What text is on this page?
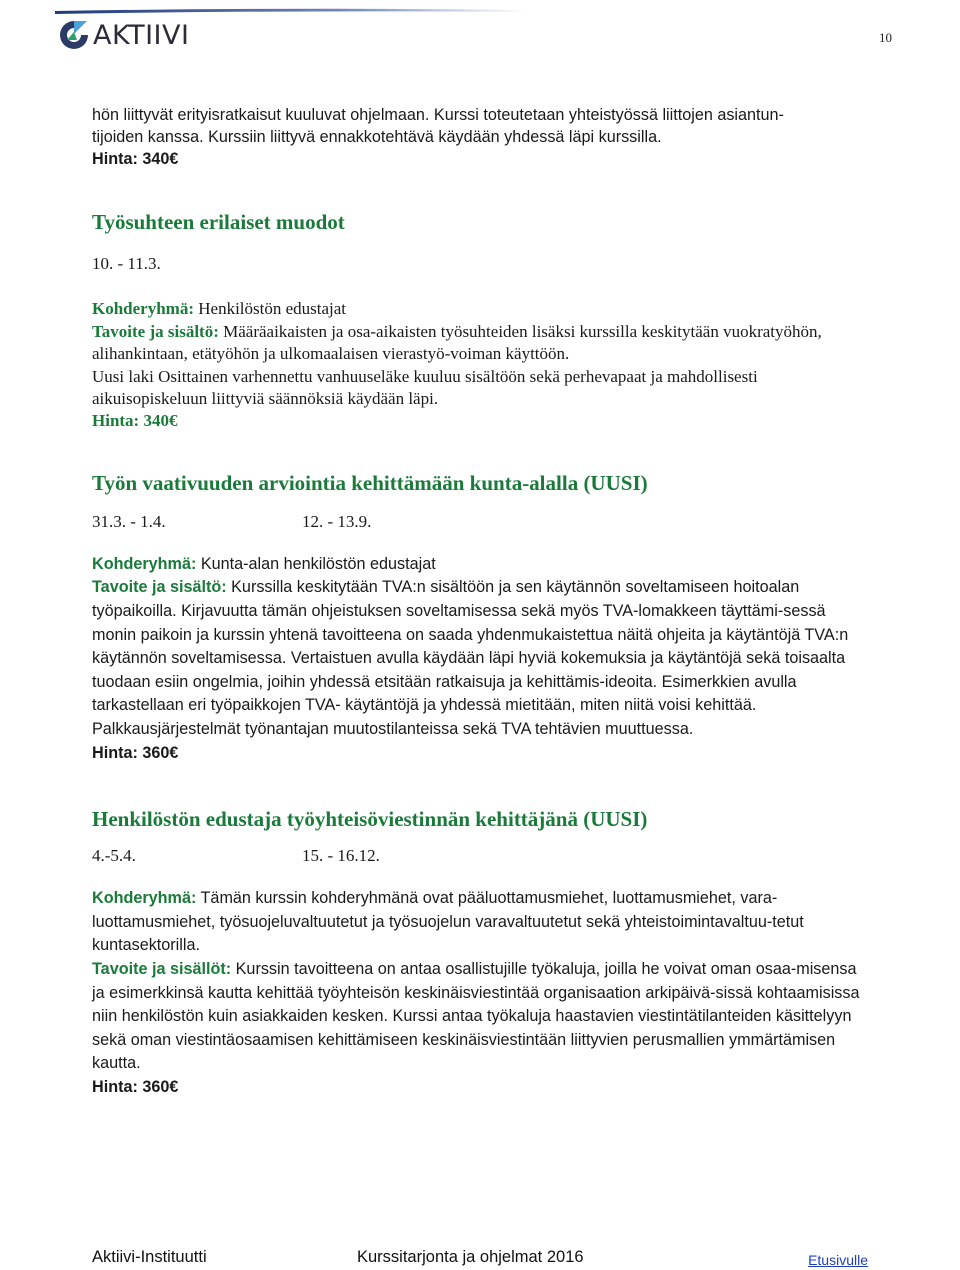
AKTIIVI	10

hön liittyvät erityisratkaisut kuuluvat ohjelmaan. Kurssi toteutetaan yhteistyössä liittojen asiantun-

tijoiden kanssa. Kurssiin liittyvä ennakkotehtävä käydään yhdessä läpi kurssilla.

Hinta: 340€

Työsuhteen erilaiset muodot

10. - 11.3.

Kohderyhmä: Henkilöstön edustajat

Tavoite ja sisältö: Määräaikaisten ja osa-aikaisten työsuhteiden lisäksi kurssilla keskitytään vuokratyöhön, alihankintaan, etätyöhön ja ulkomaalaisen vierastyö-voiman käyttöön.

Uusi laki Osittainen varhennettu vanhuuseläke kuuluu sisältöön sekä perhevapaat ja mahdollisesti aikuisopiskeluun liittyviä säännöksiä käydään läpi.

Hinta: 340€

Työn vaativuuden arviointia kehittämään kunta-alalla (UUSI)
31.3. - 1.4.	12. - 13.9.

Kohderyhmä: Kunta-alan henkilöstön edustajat

Tavoite ja sisältö: Kurssilla keskitytään TVA:n sisältöön ja sen käytännön soveltamiseen hoitoalan työpaikoilla. Kirjavuutta tämän ohjeistuksen soveltamisessa sekä myös TVA-lomakkeen täyttämi-sessä monin paikoin ja kurssin yhtenä tavoitteena on saada yhdenmukaistettua näitä ohjeita ja käytäntöjä TVA:n käytännön soveltamisessa. Vertaistuen avulla käydään läpi hyviä kokemuksia ja käytäntöjä sekä toisaalta tuodaan esiin ongelmia, joihin yhdessä etsitään ratkaisuja ja kehittämis-ideoita. Esimerkkien avulla tarkastellaan eri työpaikkojen TVA- käytäntöjä ja yhdessä mietitään, miten niitä voisi kehittää.

Palkkausjärjestelmät työnantajan muutostilanteissa sekä TVA tehtävien muuttuessa.

Hinta: 360€

Henkilöstön edustaja työyhteisöviestinnän kehittäjänä (UUSI)
4.-5.4.	15. - 16.12.

Kohderyhmä: Tämän kurssin kohderyhmänä ovat pääluottamusmiehet, luottamusmiehet, vara-luottamusmiehet, työsuojeluvaltuutetut ja työsuojelun varavaltuutetut sekä yhteistoimintavaltuu-tetut kuntasektorilla.

Tavoite ja sisällöt: Kurssin tavoitteena on antaa osallistujille työkaluja, joilla he voivat oman osaa-misensa ja esimerkkinsä kautta kehittää työyhteisön keskinäisviestintää organisaation arkipäivä-sissä kohtaamisissa niin henkilöstön kuin asiakkaiden kesken. Kurssi antaa työkaluja haastavien viestintätilanteiden käsittelyyn sekä oman viestintäosaamisen kehittämiseen keskinäisviestintään liittyvien perusmallien ymmärtämisen kautta.

Hinta: 360€

Aktiivi-Instituutti	Kurssitarjonta ja ohjelmat 2016	Etusivulle
